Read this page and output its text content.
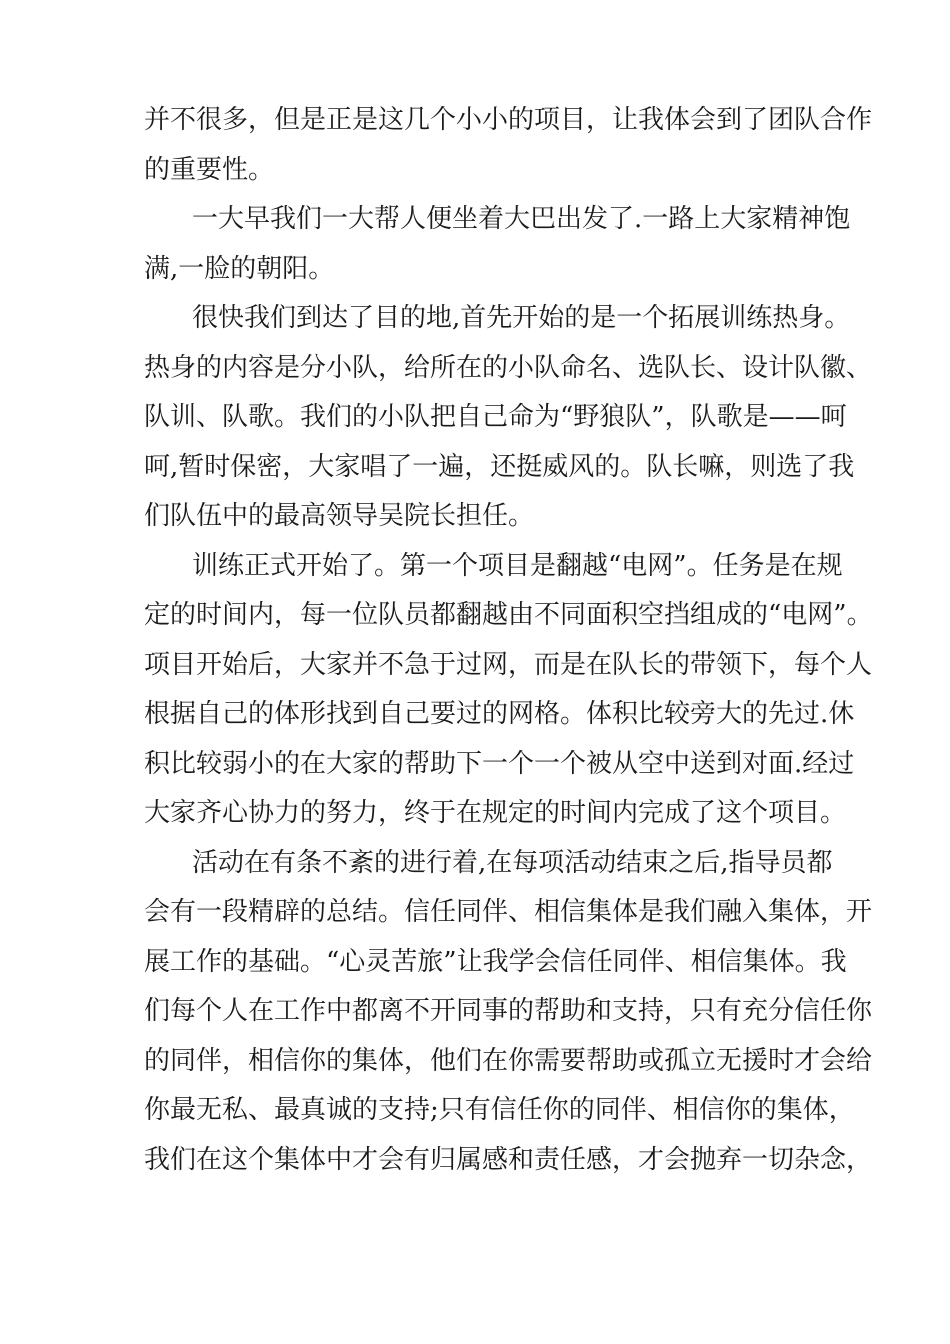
并不很多，但是正是这几个小小的项目，让我体会到了团队合作
的重要性。
一大早我们一大帮人便坐着大巴出发了.一路上大家精神饱
满,一脸的朝阳。
很快我们到达了目的地,首先开始的是一个拓展训练热身。
热身的内容是分小队，给所在的小队命名、选队长、设计队徽、
队训、队歌。我们的小队把自己命为“野狼队”，队歌是——呵
呵,暂时保密，大家唱了一遍，还挺威风的。队长嘛，则选了我
们队伍中的最高领导吴院长担任。
训练正式开始了。第一个项目是翻越“电网”。任务是在规
定的时间内，每一位队员都翻越由不同面积空挡组成的“电网”。
项目开始后，大家并不急于过网，而是在队长的带领下，每个人
根据自己的体形找到自己要过的网格。体积比较旁大的先过.休
积比较弱小的在大家的帮助下一个一个被从空中送到对面.经过
大家齐心协力的努力，终于在规定的时间内完成了这个项目。
活动在有条不紊的进行着,在每项活动结束之后,指导员都
会有一段精辟的总结。信任同伴、相信集体是我们融入集体，开
展工作的基础。“心灵苦旅”让我学会信任同伴、相信集体。我
们每个人在工作中都离不开同事的帮助和支持，只有充分信任你
的同伴，相信你的集体，他们在你需要帮助或孤立无援时才会给
你最无私、最真诚的支持;只有信任你的同伴、相信你的集体，
我们在这个集体中才会有归属感和责任感，才会抛弃一切杂念，
